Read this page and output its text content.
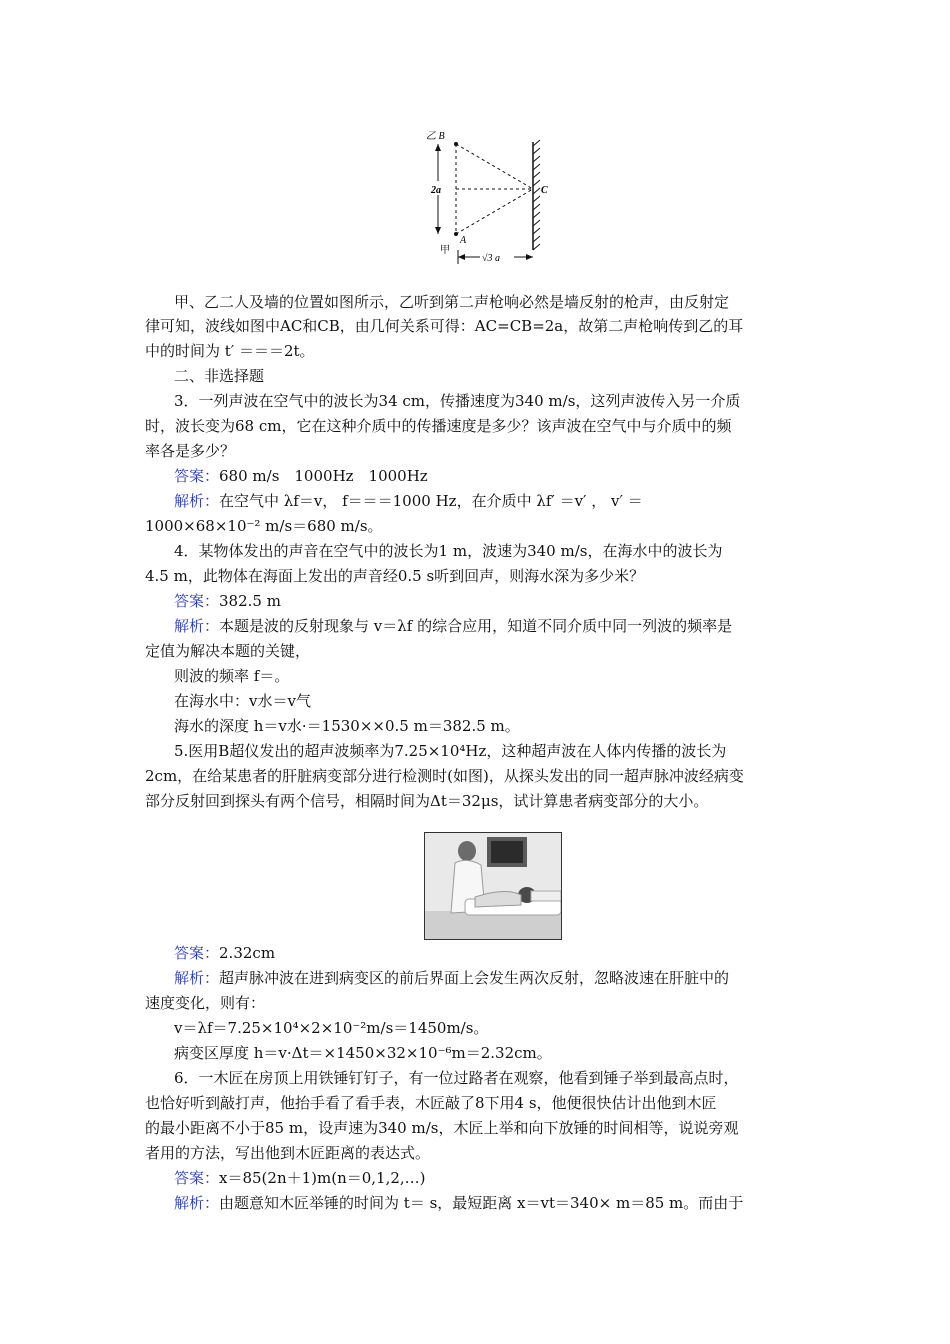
乙 B
2a	C
A
甲
√3 a
甲、乙二人及墙的位置如图所示，乙听到第二声枪响必然是墙反射的枪声，由反射定
律可知，波线如图中AC和CB，由几何关系可得：AC=CB=2a，故第二声枪响传到乙的耳
中的时间为 t′ ＝＝＝2t。
二、非选择题
3．一列声波在空气中的波长为34 cm，传播速度为340 m/s，这列声波传入另一介质
时，波长变为68 cm，它在这种介质中的传播速度是多少？该声波在空气中与介质中的频
率各是多少？
答案：680 m/s　1000Hz　1000Hz
解析：在空气中 λf＝v， f＝＝＝1000 Hz，在介质中 λf′ ＝v′ ， v′ ＝
1000×68×10⁻² m/s＝680 m/s。
4．某物体发出的声音在空气中的波长为1 m，波速为340 m/s，在海水中的波长为
4.5 m，此物体在海面上发出的声音经0.5 s听到回声，则海水深为多少米？
答案：382.5 m
解析：本题是波的反射现象与 v＝λf 的综合应用，知道不同介质中同一列波的频率是
定值为解决本题的关键，
则波的频率 f＝。
在海水中：v水＝v气
海水的深度 h＝v水·＝1530××0.5 m＝382.5 m。
5.医用B超仪发出的超声波频率为7.25×10⁴Hz，这种超声波在人体内传播的波长为
2cm，在给某患者的肝脏病变部分进行检测时(如图)，从探头发出的同一超声脉冲波经病变
部分反射回到探头有两个信号，相隔时间为Δt＝32μs，试计算患者病变部分的大小。
答案：2.32cm
解析：超声脉冲波在进到病变区的前后界面上会发生两次反射，忽略波速在肝脏中的
速度变化，则有：
v＝λf＝7.25×10⁴×2×10⁻²m/s＝1450m/s。
病变区厚度 h＝v·Δt＝×1450×32×10⁻⁶m＝2.32cm。
6．一木匠在房顶上用铁锤钉钉子，有一位过路者在观察，他看到锤子举到最高点时，
也恰好听到敲打声，他抬手看了看手表，木匠敲了8下用4 s，他便很快估计出他到木匠
的最小距离不小于85 m，设声速为340 m/s，木匠上举和向下放锤的时间相等，说说旁观
者用的方法，写出他到木匠距离的表达式。
答案：x＝85(2n＋1)m(n＝0,1,2,…)
解析：由题意知木匠举锤的时间为 t＝ s，最短距离 x＝vt＝340× m＝85 m。而由于
